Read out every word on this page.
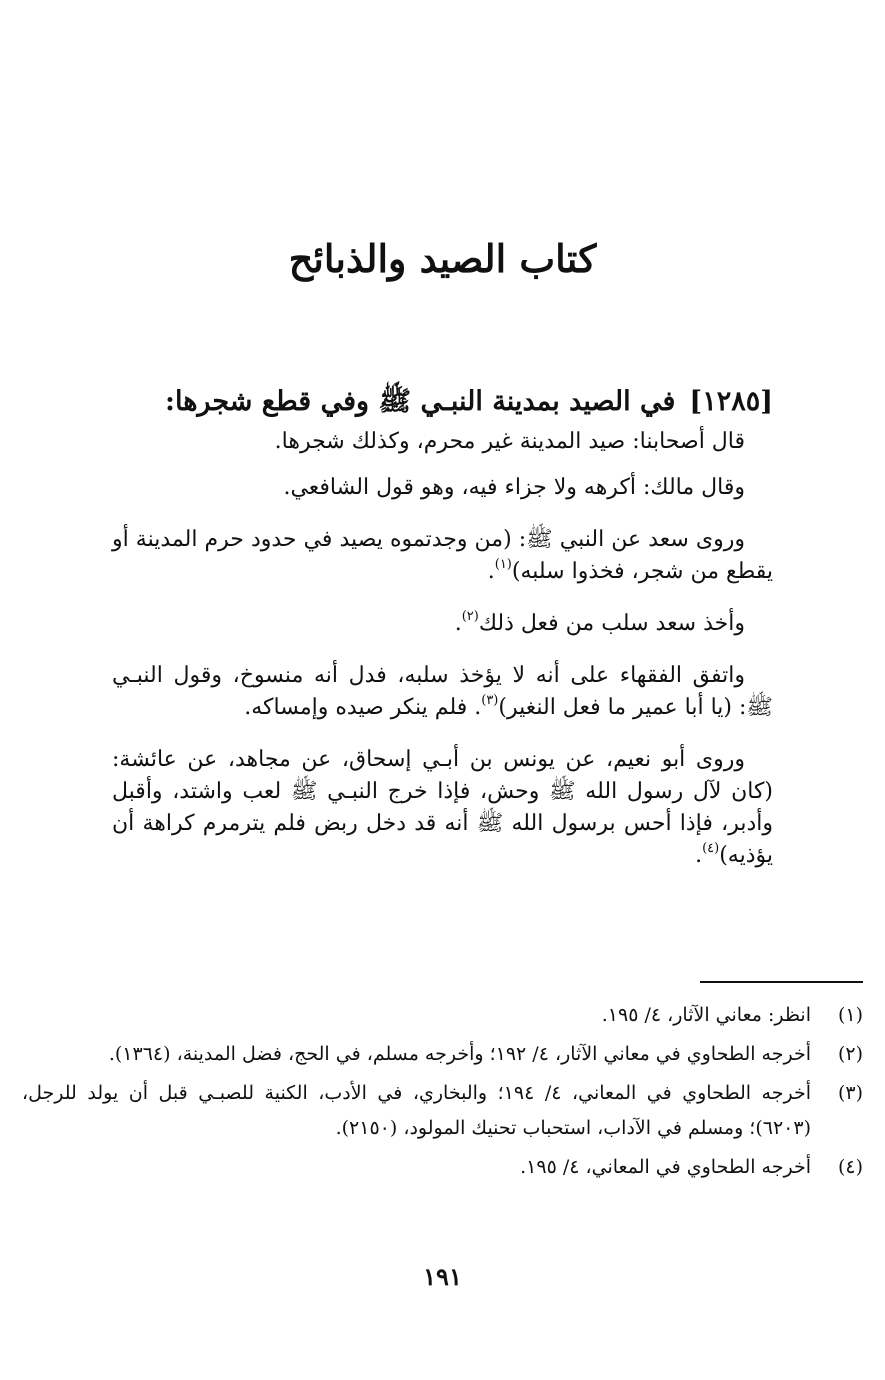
كتاب الصيد والذبائح
[١٢٨٥]في الصيد بمدينة النبـي ﷺ وفي قطع شجرها:

قال أصحابنا: صيد المدينة غير محرم، وكذلك شجرها.

وقال مالك: أكرهه ولا جزاء فيه، وهو قول الشافعي.

وروى سعد عن النبي ﷺ: (من وجدتموه يصيد في حدود حرم المدينة أو يقطع من شجر، فخذوا سلبه)$^{(١)}$.

وأخذ سعد سلب من فعل ذلك$^{(٢)}$.

واتفق الفقهاء على أنه لا يؤخذ سلبه، فدل أنه منسوخ، وقول النبـي ﷺ: (يا أبا عمير ما فعل النغير)$^{(٣)}$. فلم ينكر صيده وإمساكه.

وروى أبو نعيم، عن يونس بن أبـي إسحاق، عن مجاهد، عن عائشة: (كان لآل رسول الله ﷺ وحش، فإذا خرج النبـي ﷺ لعب واشتد، وأقبل وأدبر، فإذا أحس برسول الله ﷺ أنه قد دخل ربض فلم يترمرم كراهة أن يؤذيه)$^{(٤)}$.

(١)
انظر: معاني الآثار، ٤/ ١٩٥.
(٢)
أخرجه الطحاوي في معاني الآثار، ٤/ ١٩٢؛ وأخرجه مسلم، في الحج، فضل المدينة، (١٣٦٤).
(٣)
أخرجه الطحاوي في المعاني، ٤/ ١٩٤؛ والبخاري، في الأدب، الكنية للصبـي قبل أن يولد للرجل، (٦٢٠٣)؛ ومسلم في الآداب، استحباب تحنيك المولود، (٢١٥٠).
(٤)
أخرجه الطحاوي في المعاني، ٤/ ١٩٥.
١٩١
